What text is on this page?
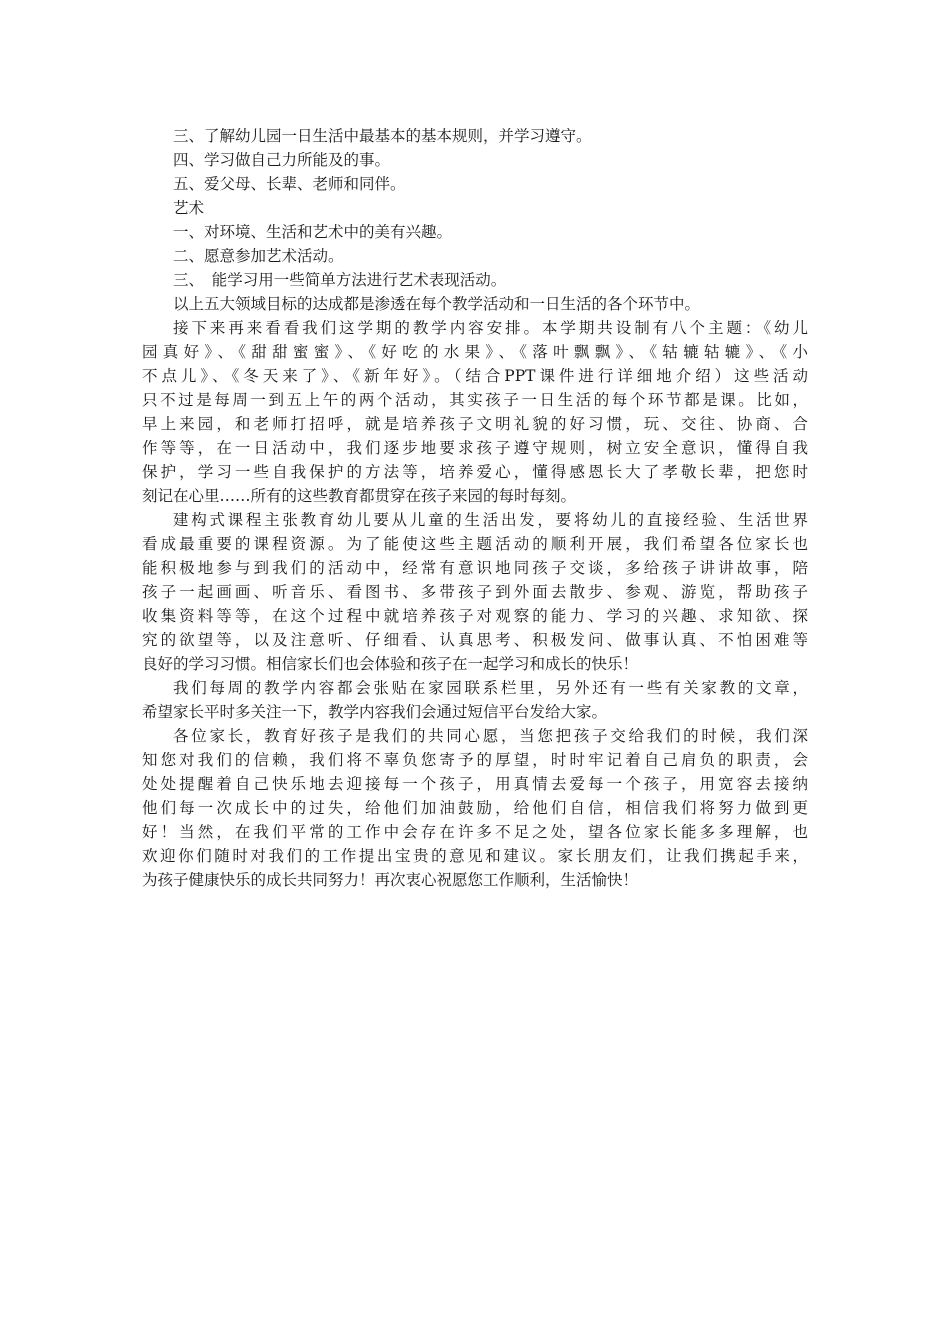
三、了解幼儿园一日生活中最基本的基本规则，并学习遵守。
四、学习做自己力所能及的事。
五、爱父母、长辈、老师和同伴。
艺术
一、对环境、生活和艺术中的美有兴趣。
二、愿意参加艺术活动。
三、　能学习用一些简单方法进行艺术表现活动。
以上五大领域目标的达成都是渗透在每个教学活动和一日生活的各个环节中。
接下来再来看看我们这学期的教学内容安排。本学期共设制有八个主题：《幼儿
园真好》、《甜甜蜜蜜》、《好吃的水果》、《落叶飘飘》、《轱辘轱辘》、《小
不点儿》、《冬天来了》、《新年好》。（结合PPT课件进行详细地介绍）这些活动
只不过是每周一到五上午的两个活动，其实孩子一日生活的每个环节都是课。比如，
早上来园，和老师打招呼，就是培养孩子文明礼貌的好习惯，玩、交往、协商、合
作等等，在一日活动中，我们逐步地要求孩子遵守规则，树立安全意识，懂得自我
保护，学习一些自我保护的方法等，培养爱心，懂得感恩长大了孝敬长辈，把您时
刻记在心里……所有的这些教育都贯穿在孩子来园的每时每刻。
建构式课程主张教育幼儿要从儿童的生活出发，要将幼儿的直接经验、生活世界
看成最重要的课程资源。为了能使这些主题活动的顺利开展，我们希望各位家长也
能积极地参与到我们的活动中，经常有意识地同孩子交谈，多给孩子讲讲故事，陪
孩子一起画画、听音乐、看图书、多带孩子到外面去散步、参观、游览，帮助孩子
收集资料等等，在这个过程中就培养孩子对观察的能力、学习的兴趣、求知欲、探
究的欲望等，以及注意听、仔细看、认真思考、积极发问、做事认真、不怕困难等
良好的学习习惯。相信家长们也会体验和孩子在一起学习和成长的快乐！
我们每周的教学内容都会张贴在家园联系栏里，另外还有一些有关家教的文章，
希望家长平时多关注一下，教学内容我们会通过短信平台发给大家。
各位家长，教育好孩子是我们的共同心愿，当您把孩子交给我们的时候，我们深
知您对我们的信赖，我们将不辜负您寄予的厚望，时时牢记着自己肩负的职责，会
处处提醒着自己快乐地去迎接每一个孩子，用真情去爱每一个孩子，用宽容去接纳
他们每一次成长中的过失，给他们加油鼓励，给他们自信，相信我们将努力做到更
好！当然，在我们平常的工作中会存在许多不足之处，望各位家长能多多理解，也
欢迎你们随时对我们的工作提出宝贵的意见和建议。家长朋友们，让我们携起手来，
为孩子健康快乐的成长共同努力！再次衷心祝愿您工作顺利，生活愉快！
